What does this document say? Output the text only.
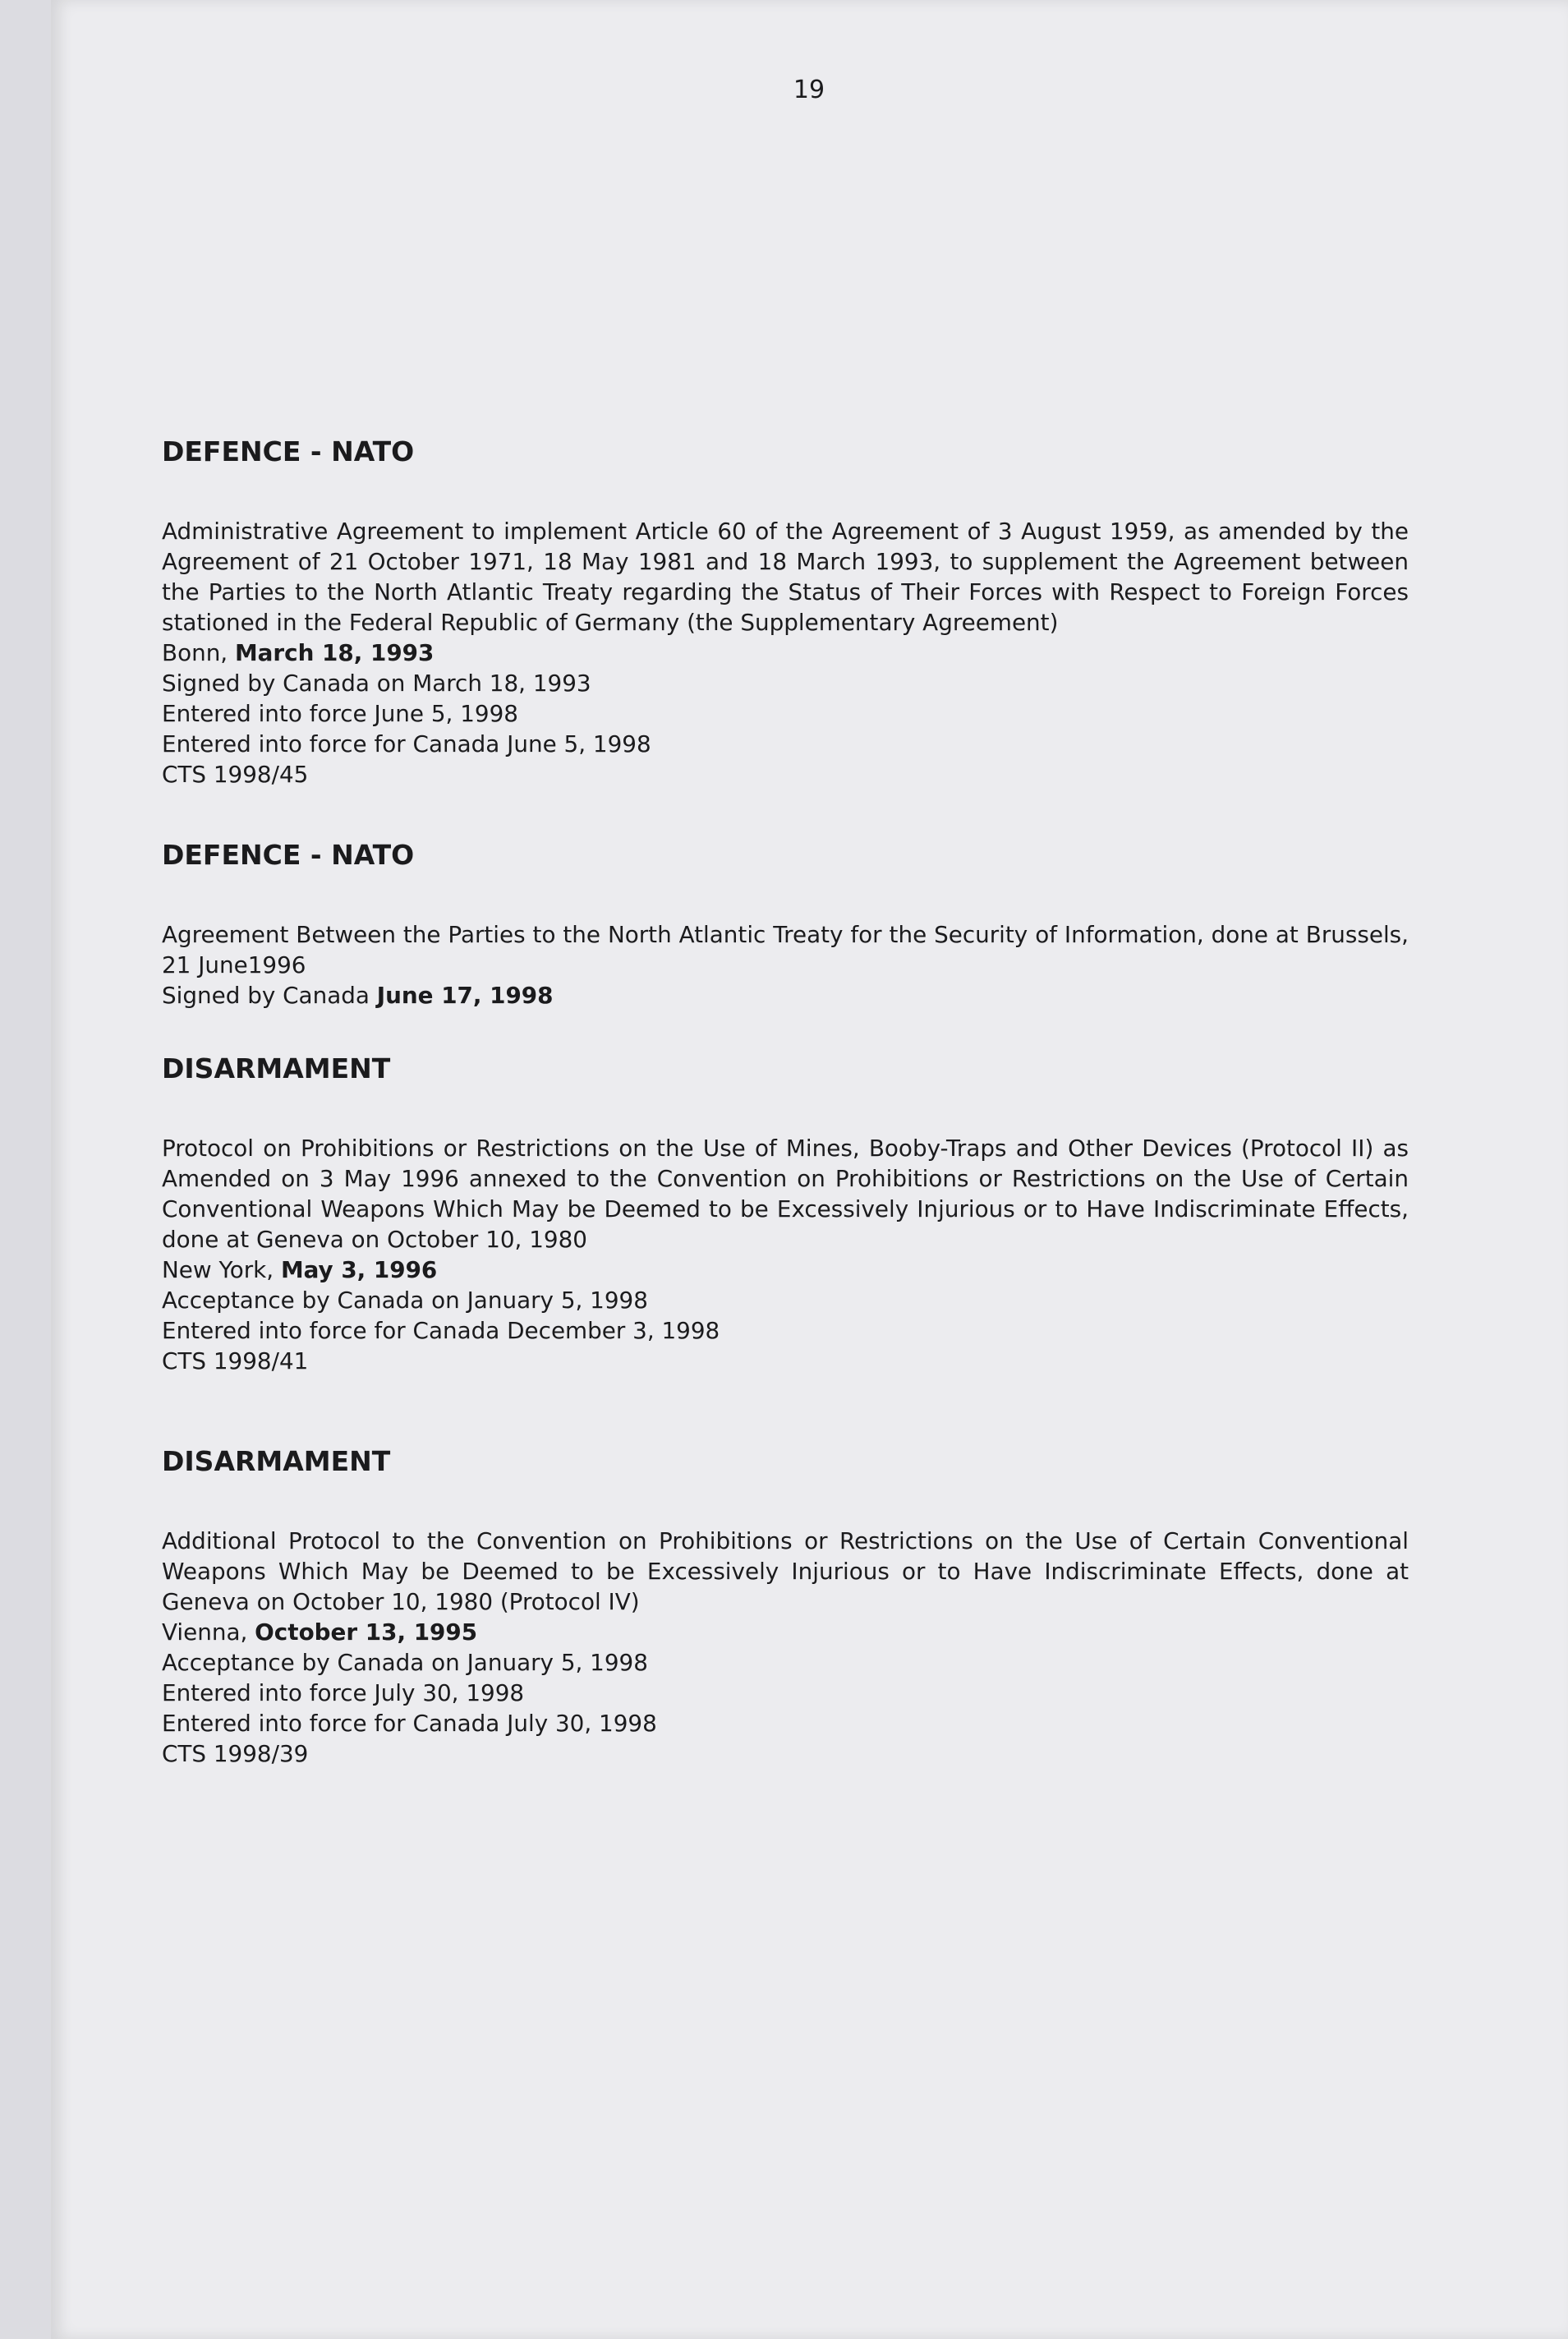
19

DEFENCE - NATO

Administrative Agreement to implement Article 60 of the Agreement of 3 August 1959, as amended by the Agreement of 21 October 1971, 18 May 1981 and 18 March 1993, to supplement the Agreement between the Parties to the North Atlantic Treaty regarding the Status of Their Forces with Respect to Foreign Forces stationed in the Federal Republic of Germany (the Supplementary Agreement)

Bonn, March 18, 1993

Signed by Canada on March 18, 1993

Entered into force June 5, 1998

Entered into force for Canada June 5, 1998

CTS 1998/45

DEFENCE - NATO

Agreement Between the Parties to the North Atlantic Treaty for the Security of Information, done at Brussels, 21 June1996

Signed by Canada June 17, 1998

DISARMAMENT

Protocol on Prohibitions or Restrictions on the Use of Mines, Booby-Traps and Other Devices (Protocol II) as Amended on 3 May 1996 annexed to the Convention on Prohibitions or Restrictions on the Use of Certain Conventional Weapons Which May be Deemed to be Excessively Injurious or to Have Indiscriminate Effects, done at Geneva on October 10, 1980

New York, May 3, 1996

Acceptance by Canada on January 5, 1998

Entered into force for Canada December 3, 1998

CTS 1998/41

DISARMAMENT

Additional Protocol to the Convention on Prohibitions or Restrictions on the Use of Certain Conventional Weapons Which May be Deemed to be Excessively Injurious or to Have Indiscriminate Effects, done at Geneva on October 10, 1980 (Protocol IV)

Vienna, October 13, 1995

Acceptance by Canada on January 5, 1998

Entered into force July 30, 1998

Entered into force for Canada July 30, 1998

CTS 1998/39
